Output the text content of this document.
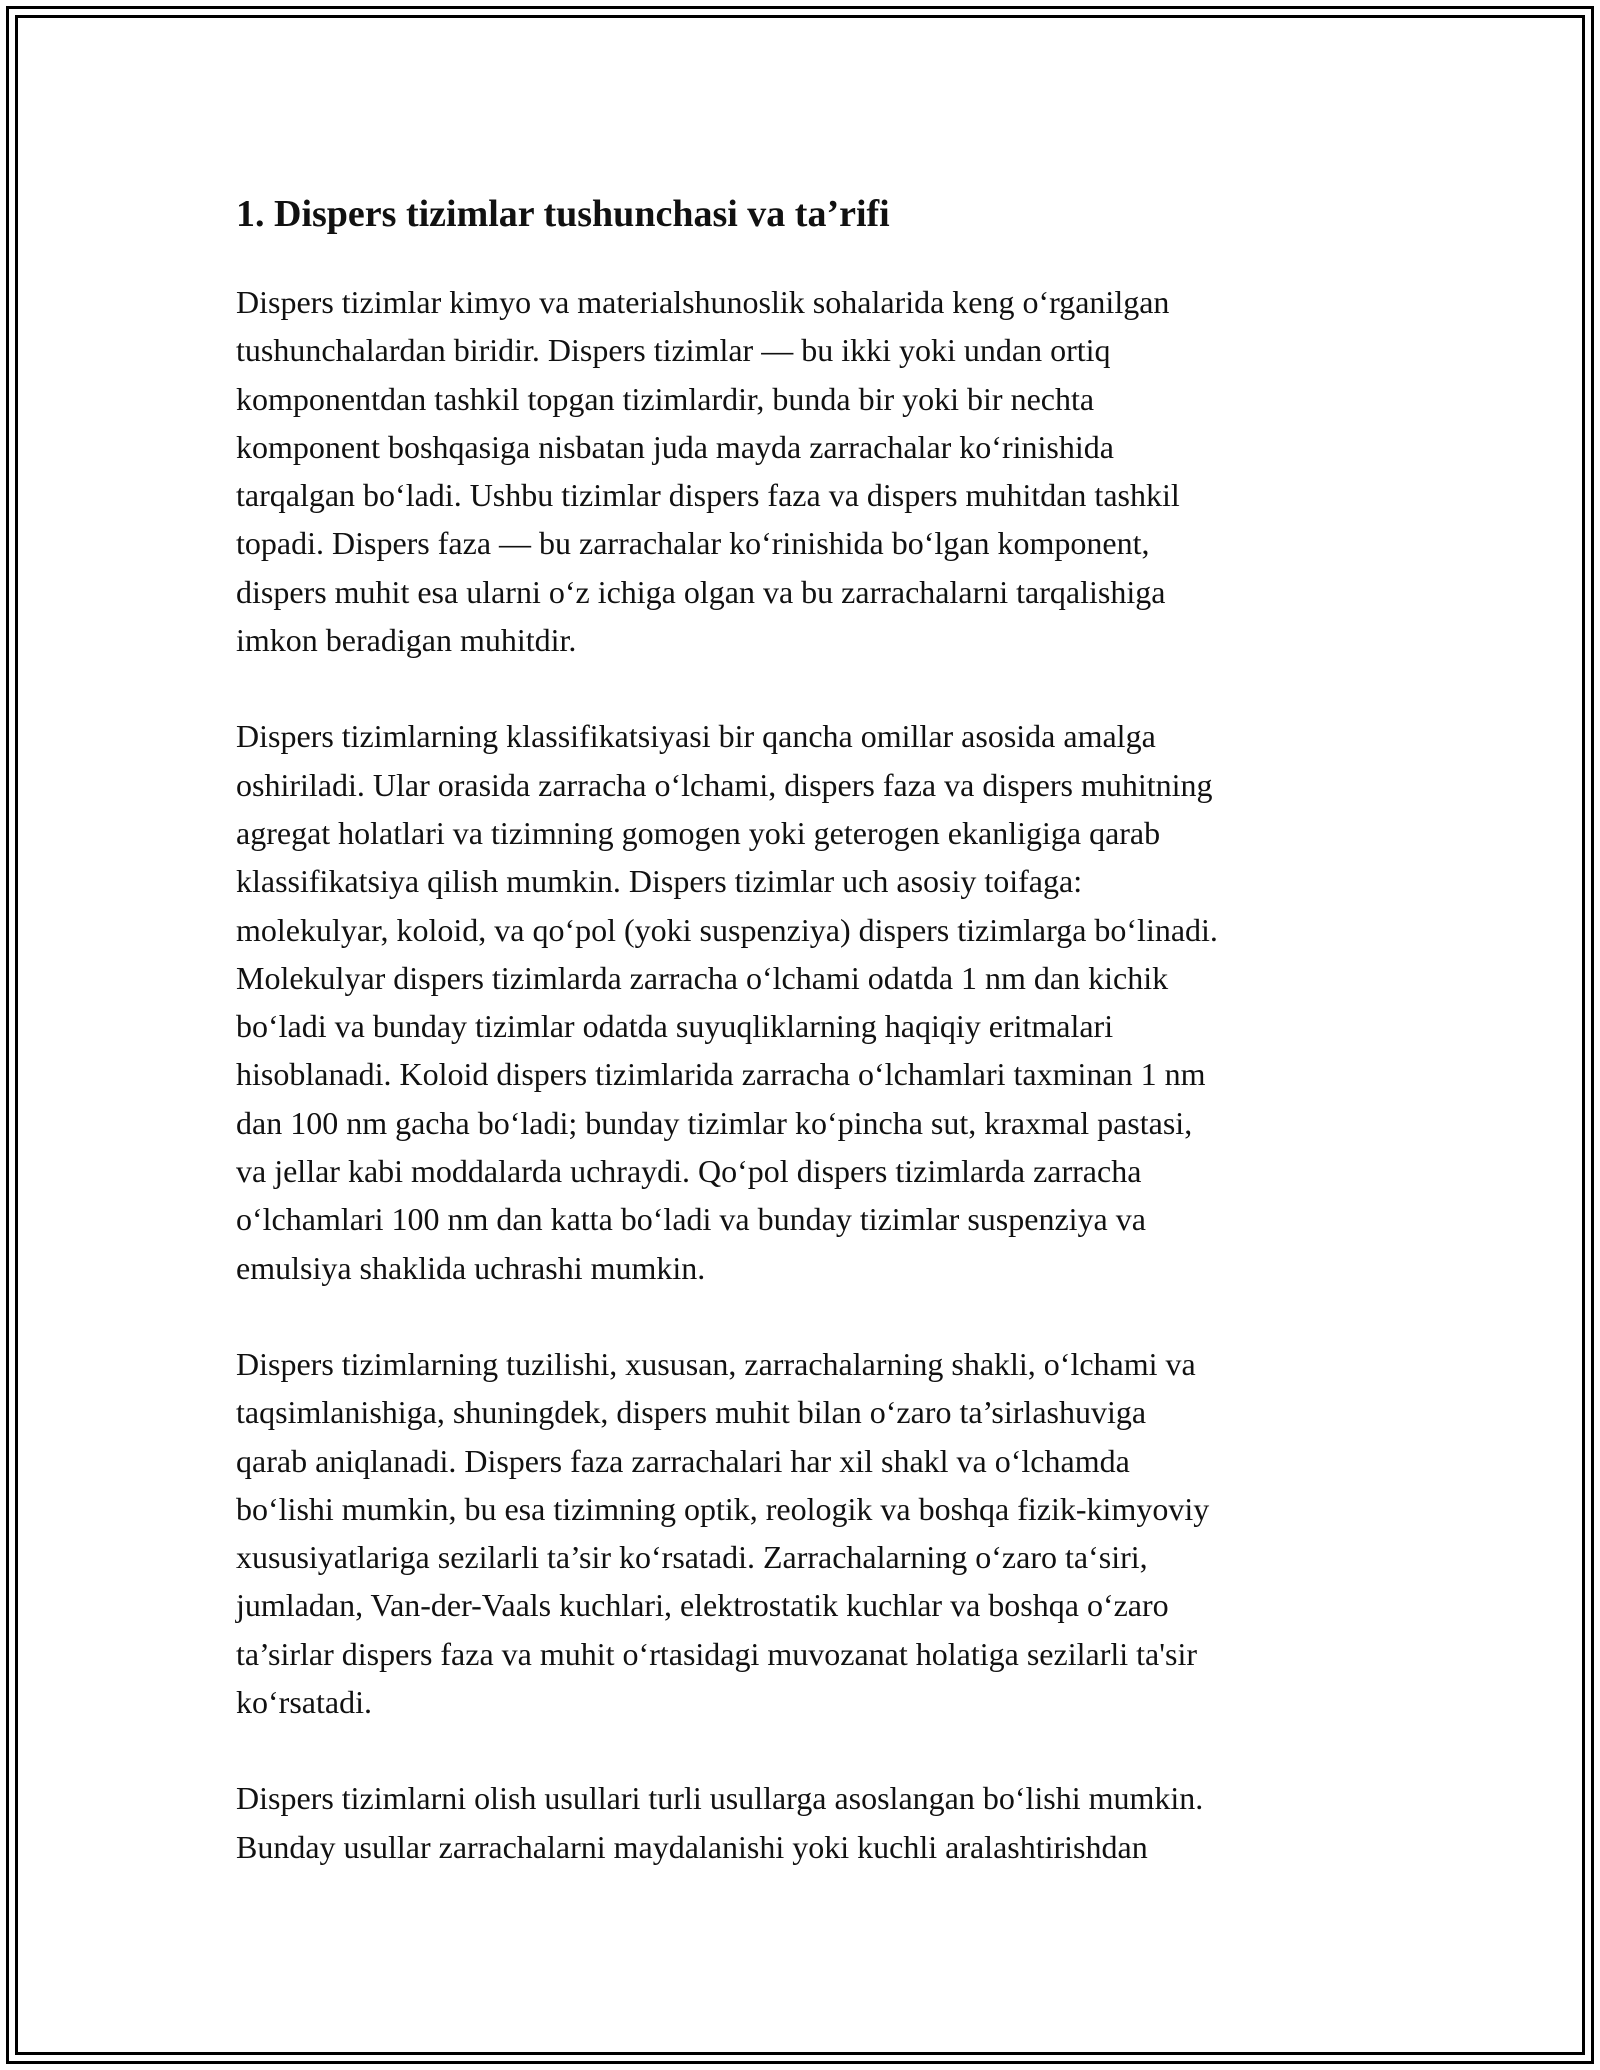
1. Dispers tizimlar tushunchasi va ta’rifi

Dispers tizimlar kimyo va materialshunoslik sohalarida keng o‘rganilgan
tushunchalardan biridir. Dispers tizimlar — bu ikki yoki undan ortiq
komponentdan tashkil topgan tizimlardir, bunda bir yoki bir nechta
komponent boshqasiga nisbatan juda mayda zarrachalar ko‘rinishida
tarqalgan bo‘ladi. Ushbu tizimlar dispers faza va dispers muhitdan tashkil
topadi. Dispers faza — bu zarrachalar ko‘rinishida bo‘lgan komponent,
dispers muhit esa ularni o‘z ichiga olgan va bu zarrachalarni tarqalishiga
imkon beradigan muhitdir.

Dispers tizimlarning klassifikatsiyasi bir qancha omillar asosida amalga
oshiriladi. Ular orasida zarracha o‘lchami, dispers faza va dispers muhitning
agregat holatlari va tizimning gomogen yoki geterogen ekanligiga qarab
klassifikatsiya qilish mumkin. Dispers tizimlar uch asosiy toifaga:
molekulyar, koloid, va qo‘pol (yoki suspenziya) dispers tizimlarga bo‘linadi.
Molekulyar dispers tizimlarda zarracha o‘lchami odatda 1 nm dan kichik
bo‘ladi va bunday tizimlar odatda suyuqliklarning haqiqiy eritmalari
hisoblanadi. Koloid dispers tizimlarida zarracha o‘lchamlari taxminan 1 nm
dan 100 nm gacha bo‘ladi; bunday tizimlar ko‘pincha sut, kraxmal pastasi,
va jellar kabi moddalarda uchraydi. Qo‘pol dispers tizimlarda zarracha
o‘lchamlari 100 nm dan katta bo‘ladi va bunday tizimlar suspenziya va
emulsiya shaklida uchrashi mumkin.

Dispers tizimlarning tuzilishi, xususan, zarrachalarning shakli, o‘lchami va
taqsimlanishiga, shuningdek, dispers muhit bilan o‘zaro ta’sirlashuviga
qarab aniqlanadi. Dispers faza zarrachalari har xil shakl va o‘lchamda
bo‘lishi mumkin, bu esa tizimning optik, reologik va boshqa fizik-kimyoviy
xususiyatlariga sezilarli ta’sir ko‘rsatadi. Zarrachalarning o‘zaro ta‘siri,
jumladan, Van-der-Vaals kuchlari, elektrostatik kuchlar va boshqa o‘zaro
ta’sirlar dispers faza va muhit o‘rtasidagi muvozanat holatiga sezilarli ta'sir
ko‘rsatadi.

Dispers tizimlarni olish usullari turli usullarga asoslangan bo‘lishi mumkin.
Bunday usullar zarrachalarni maydalanishi yoki kuchli aralashtirishdan
